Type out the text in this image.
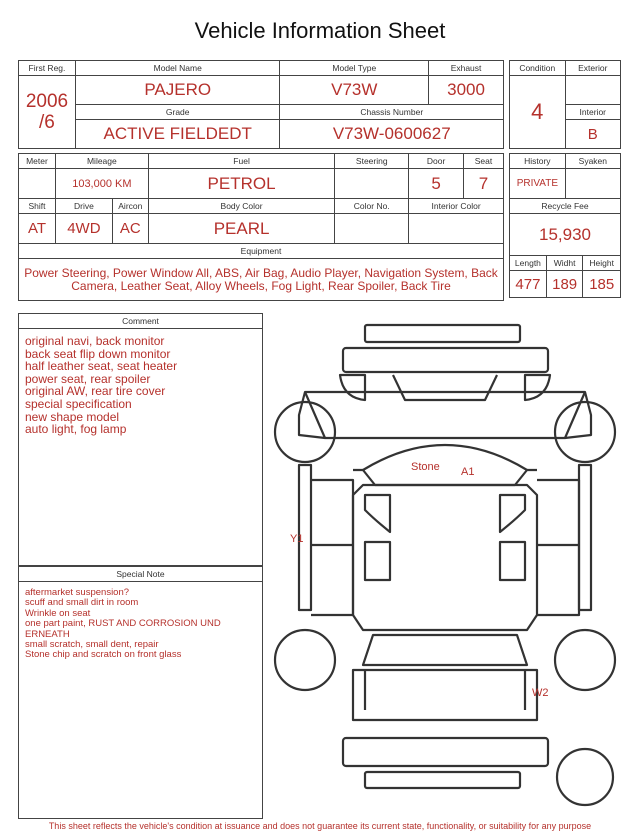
Vehicle Information Sheet
First Reg.	Model Name	Model Type	Exhaust

2006
/6	PAJERO	V73W	3000
	Grade	Chassis Number	
	ACTIVE FIELDEDT	V73W-0600627	
Condition	Exterior
4	
	Interior
	B
Meter	Mileage		Fuel	Steering	Door	Seat
	103,000 KM		PETROL		5	7
Shift	Drive	Aircon	Body Color	Color No.	Interior Color	
AT	4WD	AC	PEARL			
Equipment						
Power Steering, Power Window All, ABS, Air Bag, Audio Player, Navigation System, Back Camera, Leather Seat, Alloy Wheels, Fog Light, Rear Spoiler, Back Tire						
History		Syaken	
PRIVATE			
Recycle Fee			
15,930			
Length	Widht		Height
477	189		185
Comment
original navi, back monitor
back seat flip down monitor
half leather seat, seat heater
power seat, rear spoiler
original AW, rear tire cover
special specification
new shape model
auto light, fog lamp
Special Note
aftermarket suspension?
scuff and small dirt in room
Wrinkle on seat
one part paint, RUST AND CORROSION UND
ERNEATH
small scratch, small dent, repair
Stone chip and scratch on front glass
Stone A1
Y1
W2
This sheet reflects the vehicle's condition at issuance and does not guarantee its current state, functionality, or suitability for any purpose
